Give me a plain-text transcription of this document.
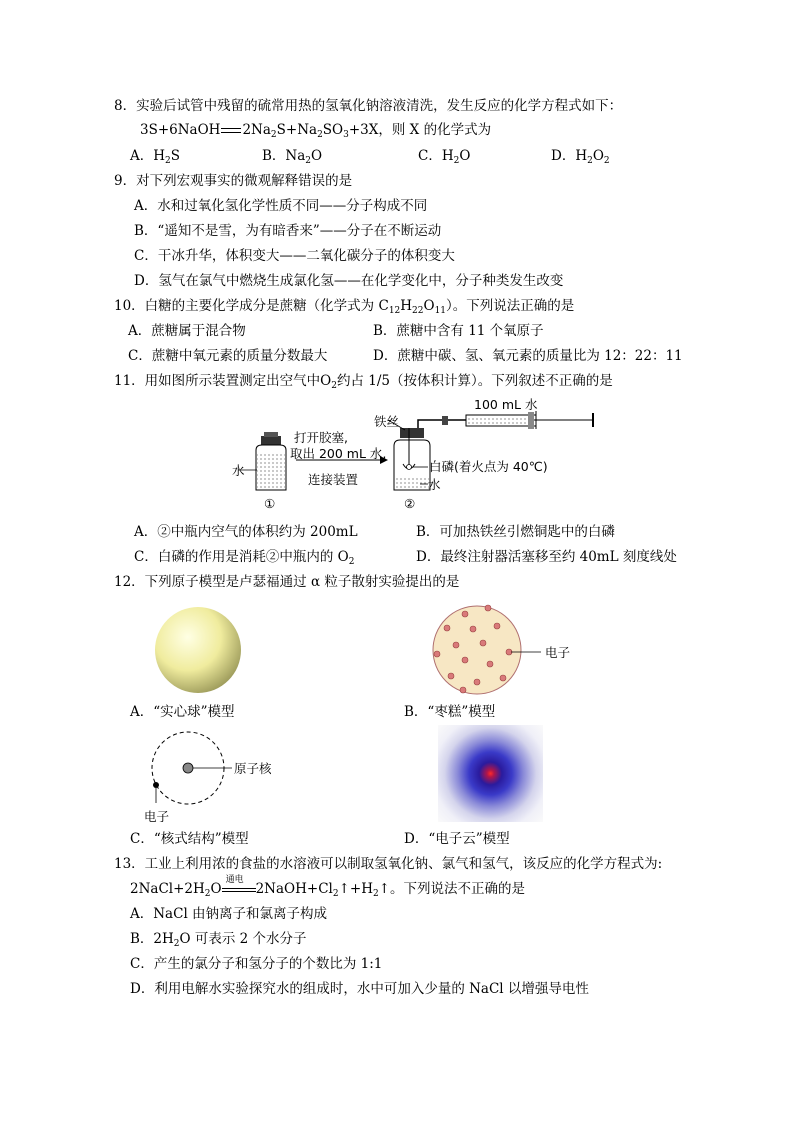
8．实验后试管中残留的硫常用热的氢氧化钠溶液清洗，发生反应的化学方程式如下：
3S+6NaOH $2Na_2S+Na_2SO_3+3X$，则 X 的化学式为
A．$H_2S$	B．$Na_2O$	C．$H_2O$	D．$H_2O_2$
9．对下列宏观事实的微观解释错误的是
A．水和过氧化氢化学性质不同——分子构成不同
B．“遥知不是雪，为有暗香来”——分子在不断运动
C．干冰升华，体积变大——二氧化碳分子的体积变大
D．氢气在氯气中燃烧生成氯化氢——在化学变化中，分子种类发生改变
10．白糖的主要化学成分是蔗糖（化学式为 $C_{12}H_{22}O_{11}$）。下列说法正确的是
A．蔗糖属于混合物	B．蔗糖中含有 11 个氧原子
C．蔗糖中氧元素的质量分数最大	D．蔗糖中碳、氢、氧元素的质量比为 12：22：11
11．用如图所示装置测定出空气中$O_2$约占 1/5（按体积计算）。下列叙述不正确的是
水
①
打开胶塞,
取出 200 mL 水,
连接装置
铁丝
白磷(着火点为 40℃)
水
②
100 mL 水
A．②中瓶内空气的体积约为 200mL	B．可加热铁丝引燃铜匙中的白磷
C．白磷的作用是消耗②中瓶内的 $O_2$	D．最终注射器活塞移至约 40mL 刻度线处
12．下列原子模型是卢瑟福通过 α 粒子散射实验提出的是
电子
A．“实心球”模型	B．“枣糕”模型
原子核
电子
C．“核式结构”模型	D．“电子云”模型
13．工业上利用浓的食盐的水溶液可以制取氢氧化钠、氯气和氢气，该反应的化学方程式为:
$2NaCl+2H_2O$
通电
$2NaOH+Cl_2↑+H_2↑$。下列说法不正确的是
A．NaCl 由钠离子和氯离子构成
B．$2H_2O$ 可表示 2 个水分子
C．产生的氯分子和氢分子的个数比为 1:1
D．利用电解水实验探究水的组成时，水中可加入少量的 NaCl 以增强导电性
